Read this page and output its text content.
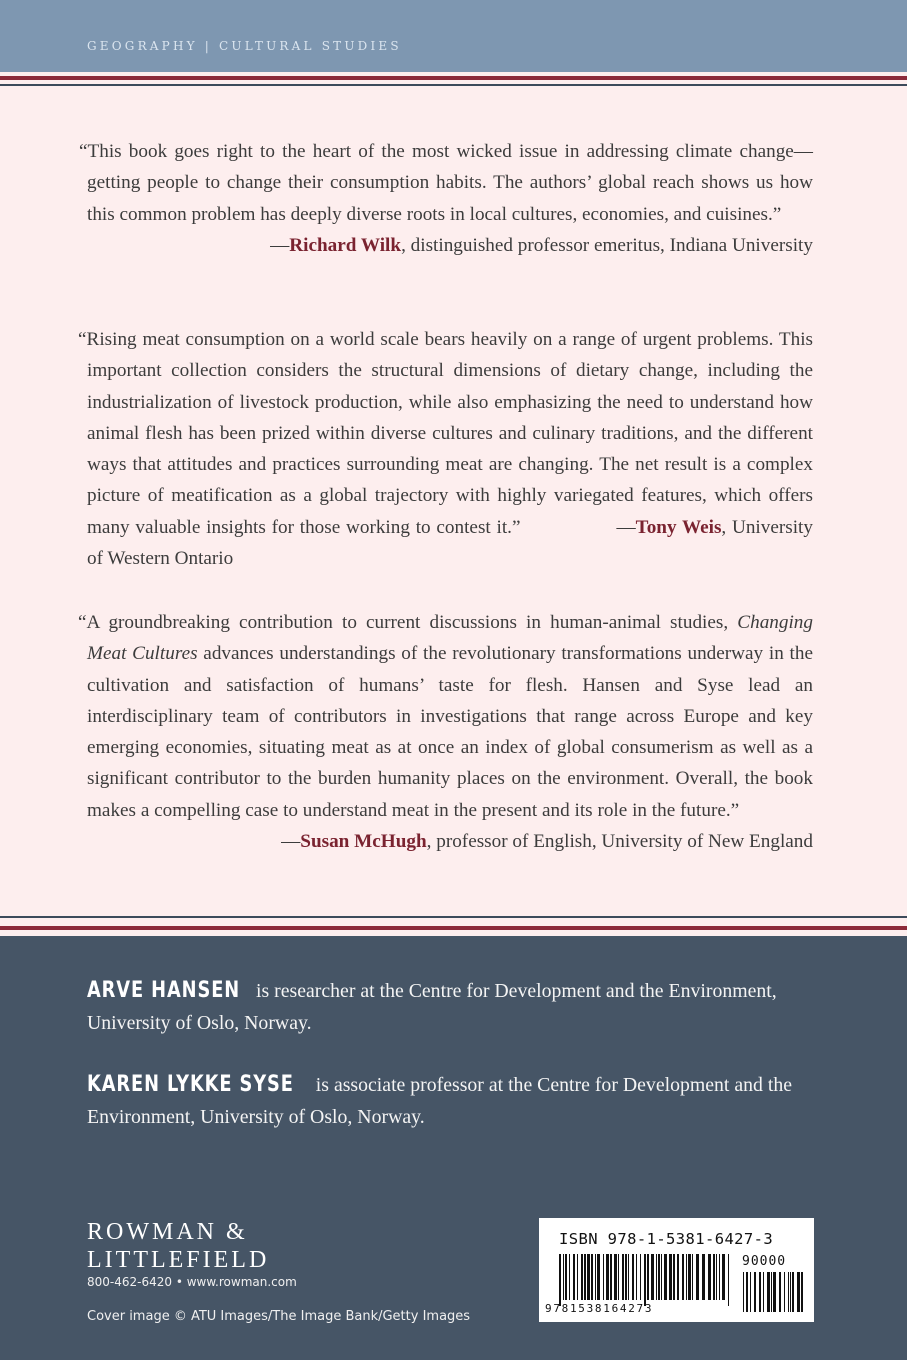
GEOGRAPHY | CULTURAL STUDIES
“This book goes right to the heart of the most wicked issue in addressing climate change—getting people to change their consumption habits. The authors’ global reach shows us how this common problem has deeply diverse roots in local cultures, economies, and cuisines.”
—Richard Wilk, distinguished professor emeritus, Indiana University
“Rising meat consumption on a world scale bears heavily on a range of urgent problems. This important collection considers the structural dimensions of dietary change, including the industrialization of livestock production, while also emphasizing the need to understand how animal flesh has been prized within diverse cultures and culinary traditions, and the different ways that attitudes and practices surrounding meat are changing. The net result is a complex picture of meatification as a global trajectory with highly variegated features, which offers many valuable insights for those working to contest it.”	—Tony Weis, University of Western Ontario
“A groundbreaking contribution to current discussions in human-animal studies, Changing Meat Cultures advances understandings of the revolutionary transformations underway in the cultivation and satisfaction of humans’ taste for flesh. Hansen and Syse lead an interdisciplinary team of contributors in investigations that range across Europe and key emerging economies, situating meat as at once an index of global consumerism as well as a significant contributor to the burden humanity places on the environment. Overall, the book makes a compelling case to understand meat in the present and its role in the future.”
—Susan McHugh, professor of English, University of New England
ARVE HANSEN is researcher at the Centre for Development and the Environment, University of Oslo, Norway.
KAREN LYKKE SYSE is associate professor at the Centre for Development and the Environment, University of Oslo, Norway.
ROWMAN &
LITTLEFIELD
800-462-6420 • www.rowman.com
Cover image © ATU Images/The Image Bank/Getty Images
ISBN 978-1-5381-6427-3
90000
9781538164273
